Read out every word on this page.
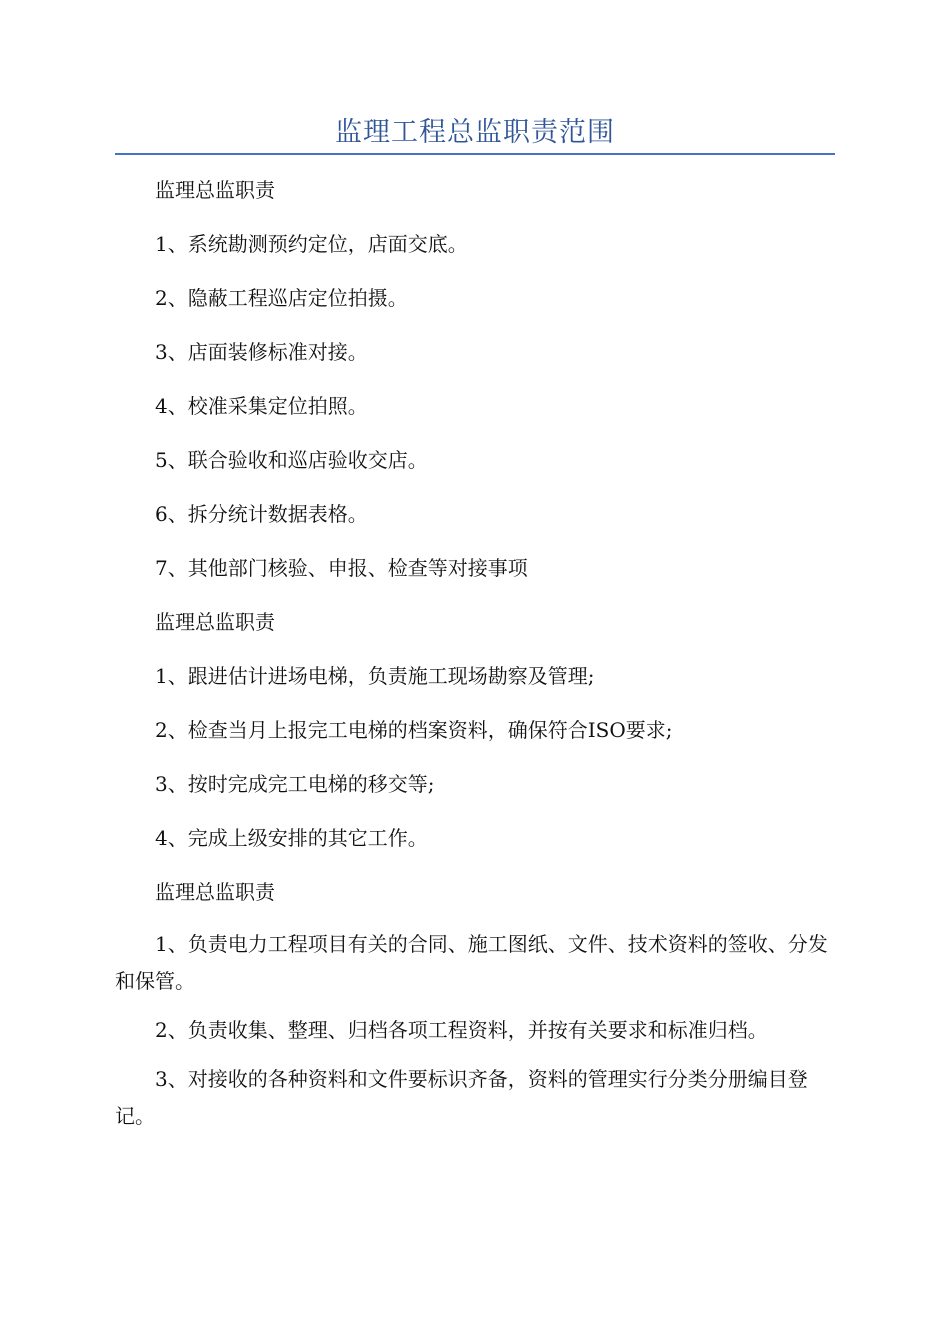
监理工程总监职责范围

监理总监职责

1、系统勘测预约定位，店面交底。

2、隐蔽工程巡店定位拍摄。

3、店面装修标准对接。

4、校准采集定位拍照。

5、联合验收和巡店验收交店。

6、拆分统计数据表格。

7、其他部门核验、申报、检查等对接事项

监理总监职责

1、跟进估计进场电梯，负责施工现场勘察及管理;

2、检查当月上报完工电梯的档案资料，确保符合ISO要求;

3、按时完成完工电梯的移交等;

4、完成上级安排的其它工作。

监理总监职责

1、负责电力工程项目有关的合同、施工图纸、文件、技术资料的签收、分发和保管。

2、负责收集、整理、归档各项工程资料，并按有关要求和标准归档。

3、对接收的各种资料和文件要标识齐备，资料的管理实行分类分册编目登记。
